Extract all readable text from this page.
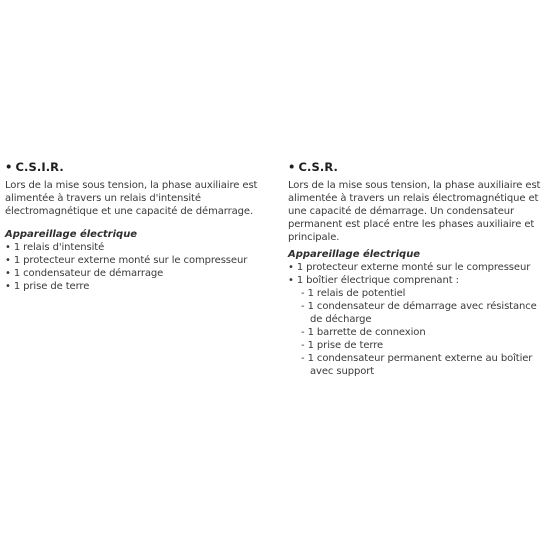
• C.S.I.R.

Lors de la mise sous tension, la phase auxiliaire est alimentée à travers un relais d'intensité électromagnétique et une capacité de démarrage.

Appareillage électrique

• 1 relais d'intensité
• 1 protecteur externe monté sur le compresseur
• 1 condensateur de démarrage
• 1 prise de terre
• C.S.R.

Lors de la mise sous tension, la phase auxiliaire est alimentée à travers un relais électromagnétique et une capacité de démarrage. Un condensateur permanent est placé entre les phases auxiliaire et principale.

Appareillage électrique

• 1 protecteur externe monté sur le compresseur
• 1 boîtier électrique comprenant :
- 1 relais de potentiel
- 1 condensateur de démarrage avec résistance de décharge
- 1 barrette de connexion
- 1 prise de terre
- 1 condensateur permanent externe au boîtier avec support
